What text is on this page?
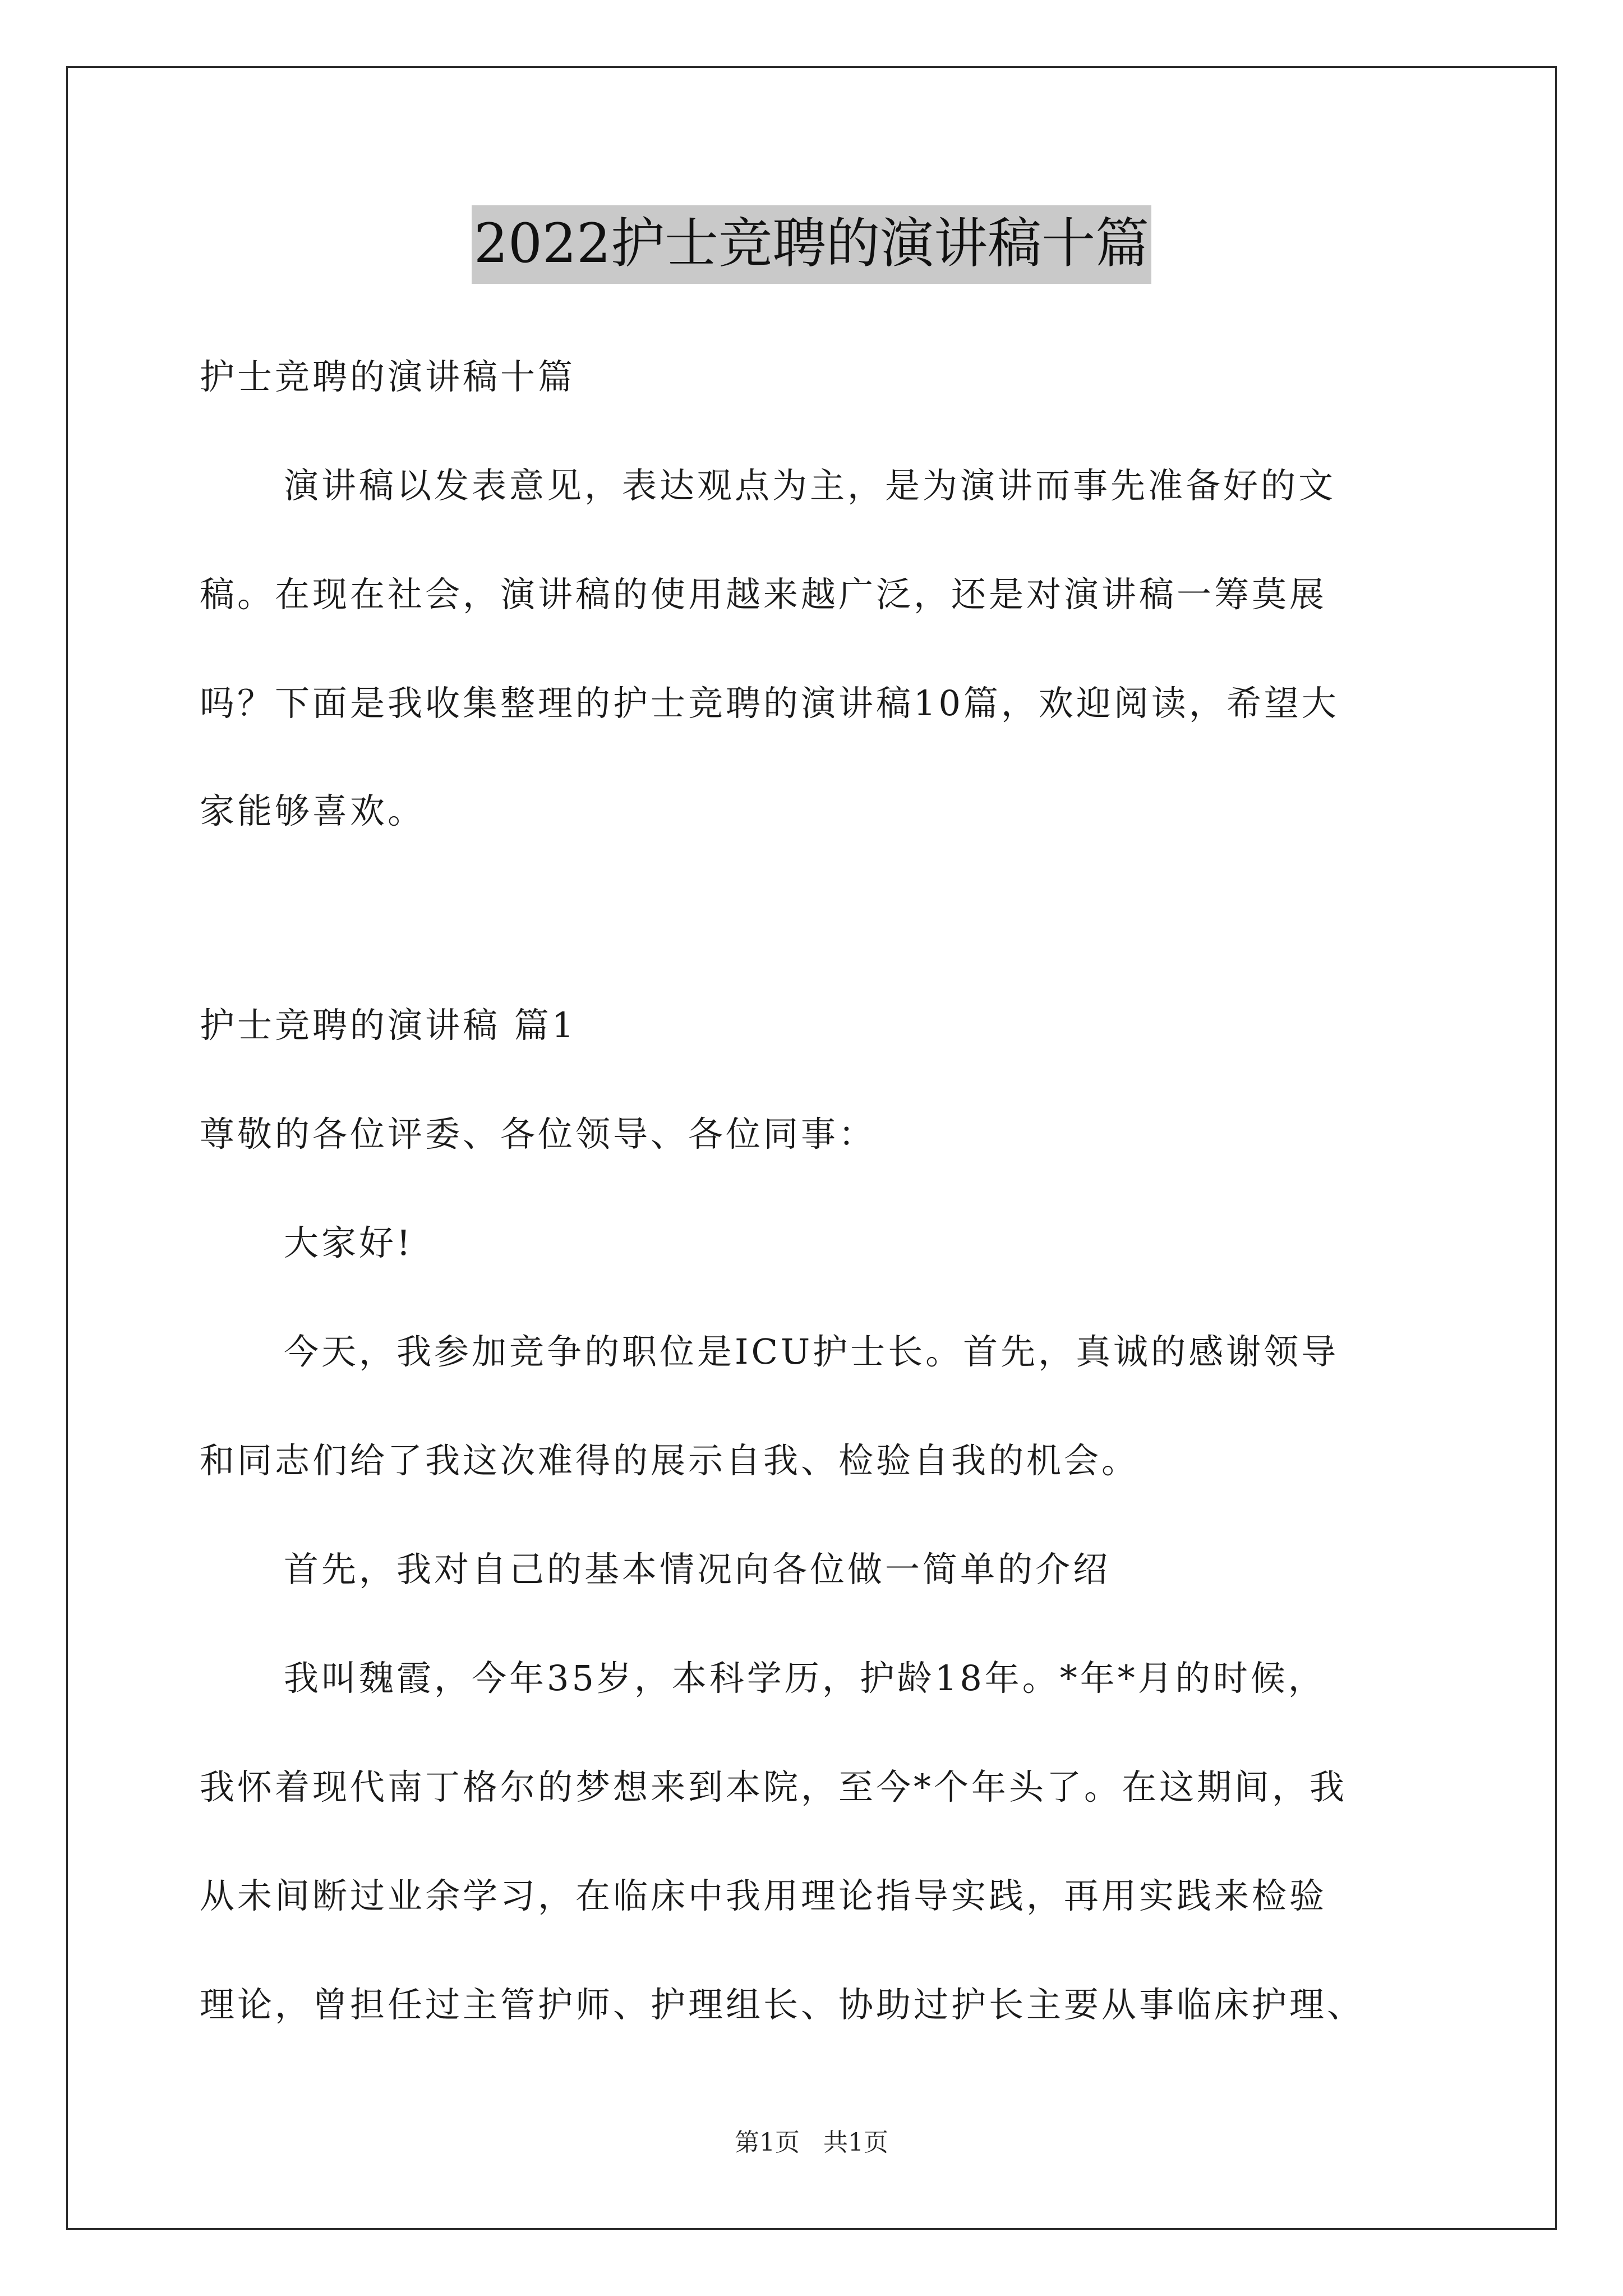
2022护士竞聘的演讲稿十篇
护士竞聘的演讲稿十篇
演讲稿以发表意见，表达观点为主，是为演讲而事先准备好的文
稿。在现在社会，演讲稿的使用越来越广泛，还是对演讲稿一筹莫展
吗？下面是我收集整理的护士竞聘的演讲稿10篇，欢迎阅读，希望大
家能够喜欢。
护士竞聘的演讲稿 篇1
尊敬的各位评委、各位领导、各位同事：
大家好!
今天，我参加竞争的职位是ICU护士长。首先，真诚的感谢领导
和同志们给了我这次难得的展示自我、检验自我的机会。
首先，我对自己的基本情况向各位做一简单的介绍
我叫魏霞，今年35岁，本科学历，护龄18年。*年*月的时候，
我怀着现代南丁格尔的梦想来到本院，至今*个年头了。在这期间，我
从未间断过业余学习，在临床中我用理论指导实践，再用实践来检验
理论，曾担任过主管护师、护理组长、协助过护长主要从事临床护理、
第1页   共1页
